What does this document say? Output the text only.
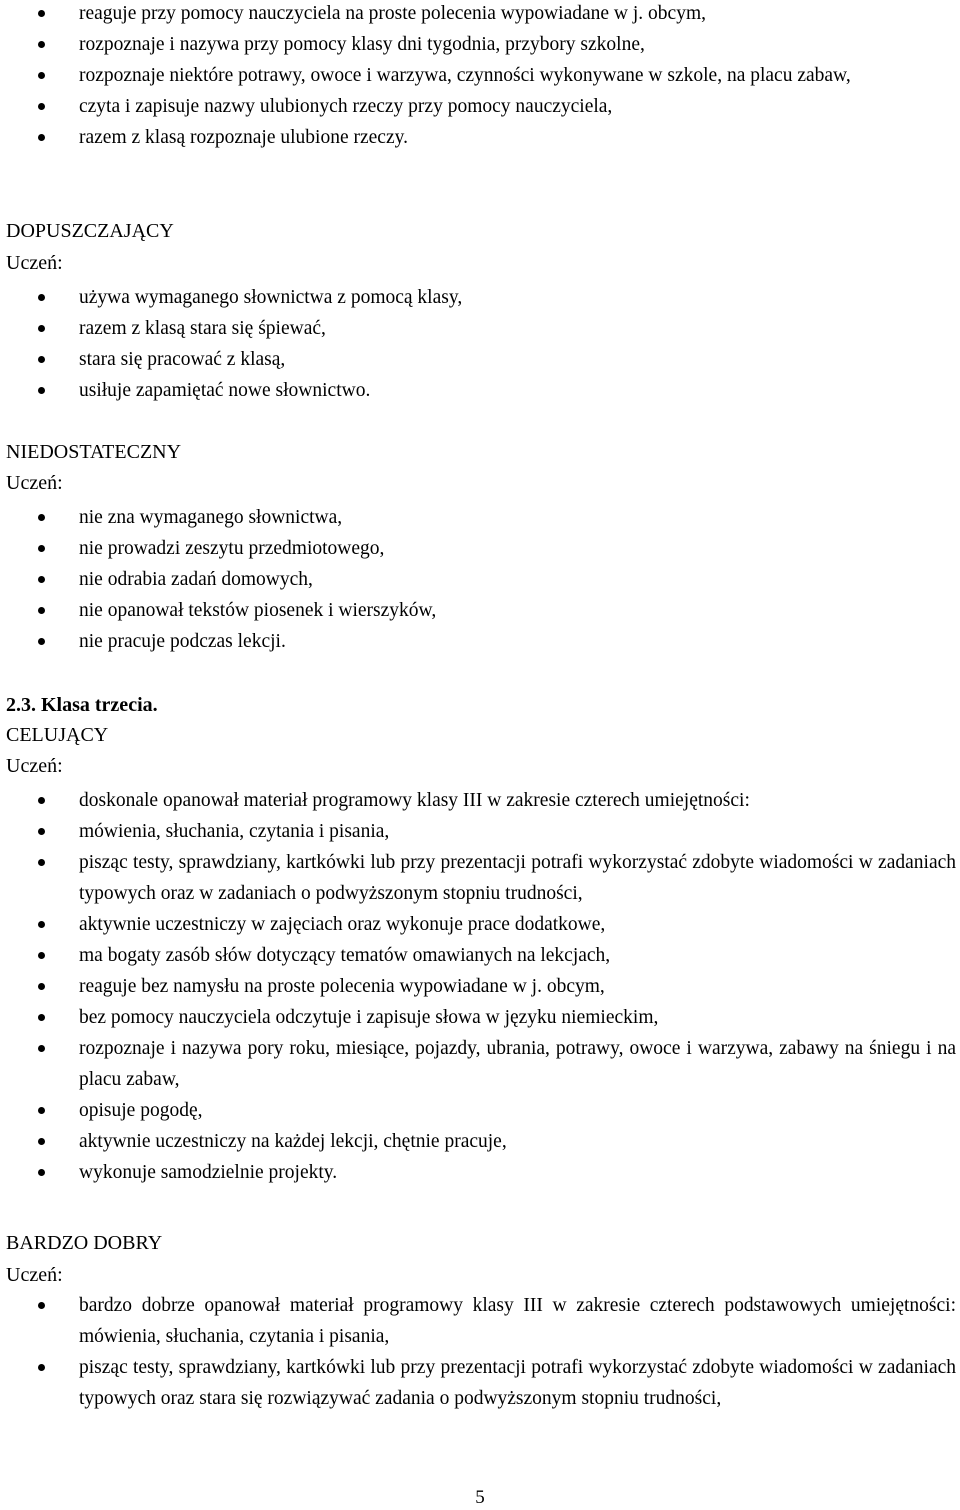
reaguje przy pomocy nauczyciela na proste polecenia wypowiadane w j. obcym,
rozpoznaje i nazywa przy pomocy klasy dni tygodnia, przybory szkolne,
rozpoznaje niektóre potrawy, owoce i warzywa, czynności wykonywane w szkole, na placu zabaw,
czyta i zapisuje nazwy ulubionych rzeczy przy pomocy nauczyciela,
razem z klasą rozpoznaje ulubione rzeczy.
DOPUSZCZAJĄCY

Uczeń:

używa wymaganego słownictwa z pomocą klasy,
razem z klasą stara się śpiewać,
stara się pracować z klasą,
usiłuje zapamiętać nowe słownictwo.
NIEDOSTATECZNY

Uczeń:

nie zna wymaganego słownictwa,
nie prowadzi zeszytu przedmiotowego,
nie odrabia zadań domowych,
nie opanował tekstów piosenek i wierszyków,
nie pracuje podczas lekcji.
2.3. Klasa trzecia.
CELUJĄCY

Uczeń:

doskonale opanował materiał programowy klasy III w zakresie czterech umiejętności:
mówienia, słuchania, czytania i pisania,
pisząc testy, sprawdziany, kartkówki lub przy prezentacji potrafi wykorzystać zdobyte wiadomości w zadaniach typowych oraz w zadaniach o podwyższonym stopniu trudności,
aktywnie uczestniczy w zajęciach oraz wykonuje prace dodatkowe,
ma bogaty zasób słów dotyczący tematów omawianych na lekcjach,
reaguje bez namysłu na proste polecenia wypowiadane w j. obcym,
bez pomocy nauczyciela odczytuje i zapisuje słowa w języku niemieckim,
rozpoznaje i nazywa pory roku, miesiące, pojazdy, ubrania, potrawy, owoce i warzywa, zabawy na śniegu i na placu zabaw,
opisuje pogodę,
aktywnie uczestniczy na każdej lekcji, chętnie pracuje,
wykonuje samodzielnie projekty.
BARDZO DOBRY

Uczeń:

bardzo dobrze opanował materiał programowy klasy III w zakresie czterech podstawowych umiejętności: mówienia, słuchania, czytania i pisania,
pisząc testy, sprawdziany, kartkówki lub przy prezentacji potrafi wykorzystać zdobyte wiadomości w zadaniach typowych oraz stara się rozwiązywać zadania o podwyższonym stopniu trudności,
5
